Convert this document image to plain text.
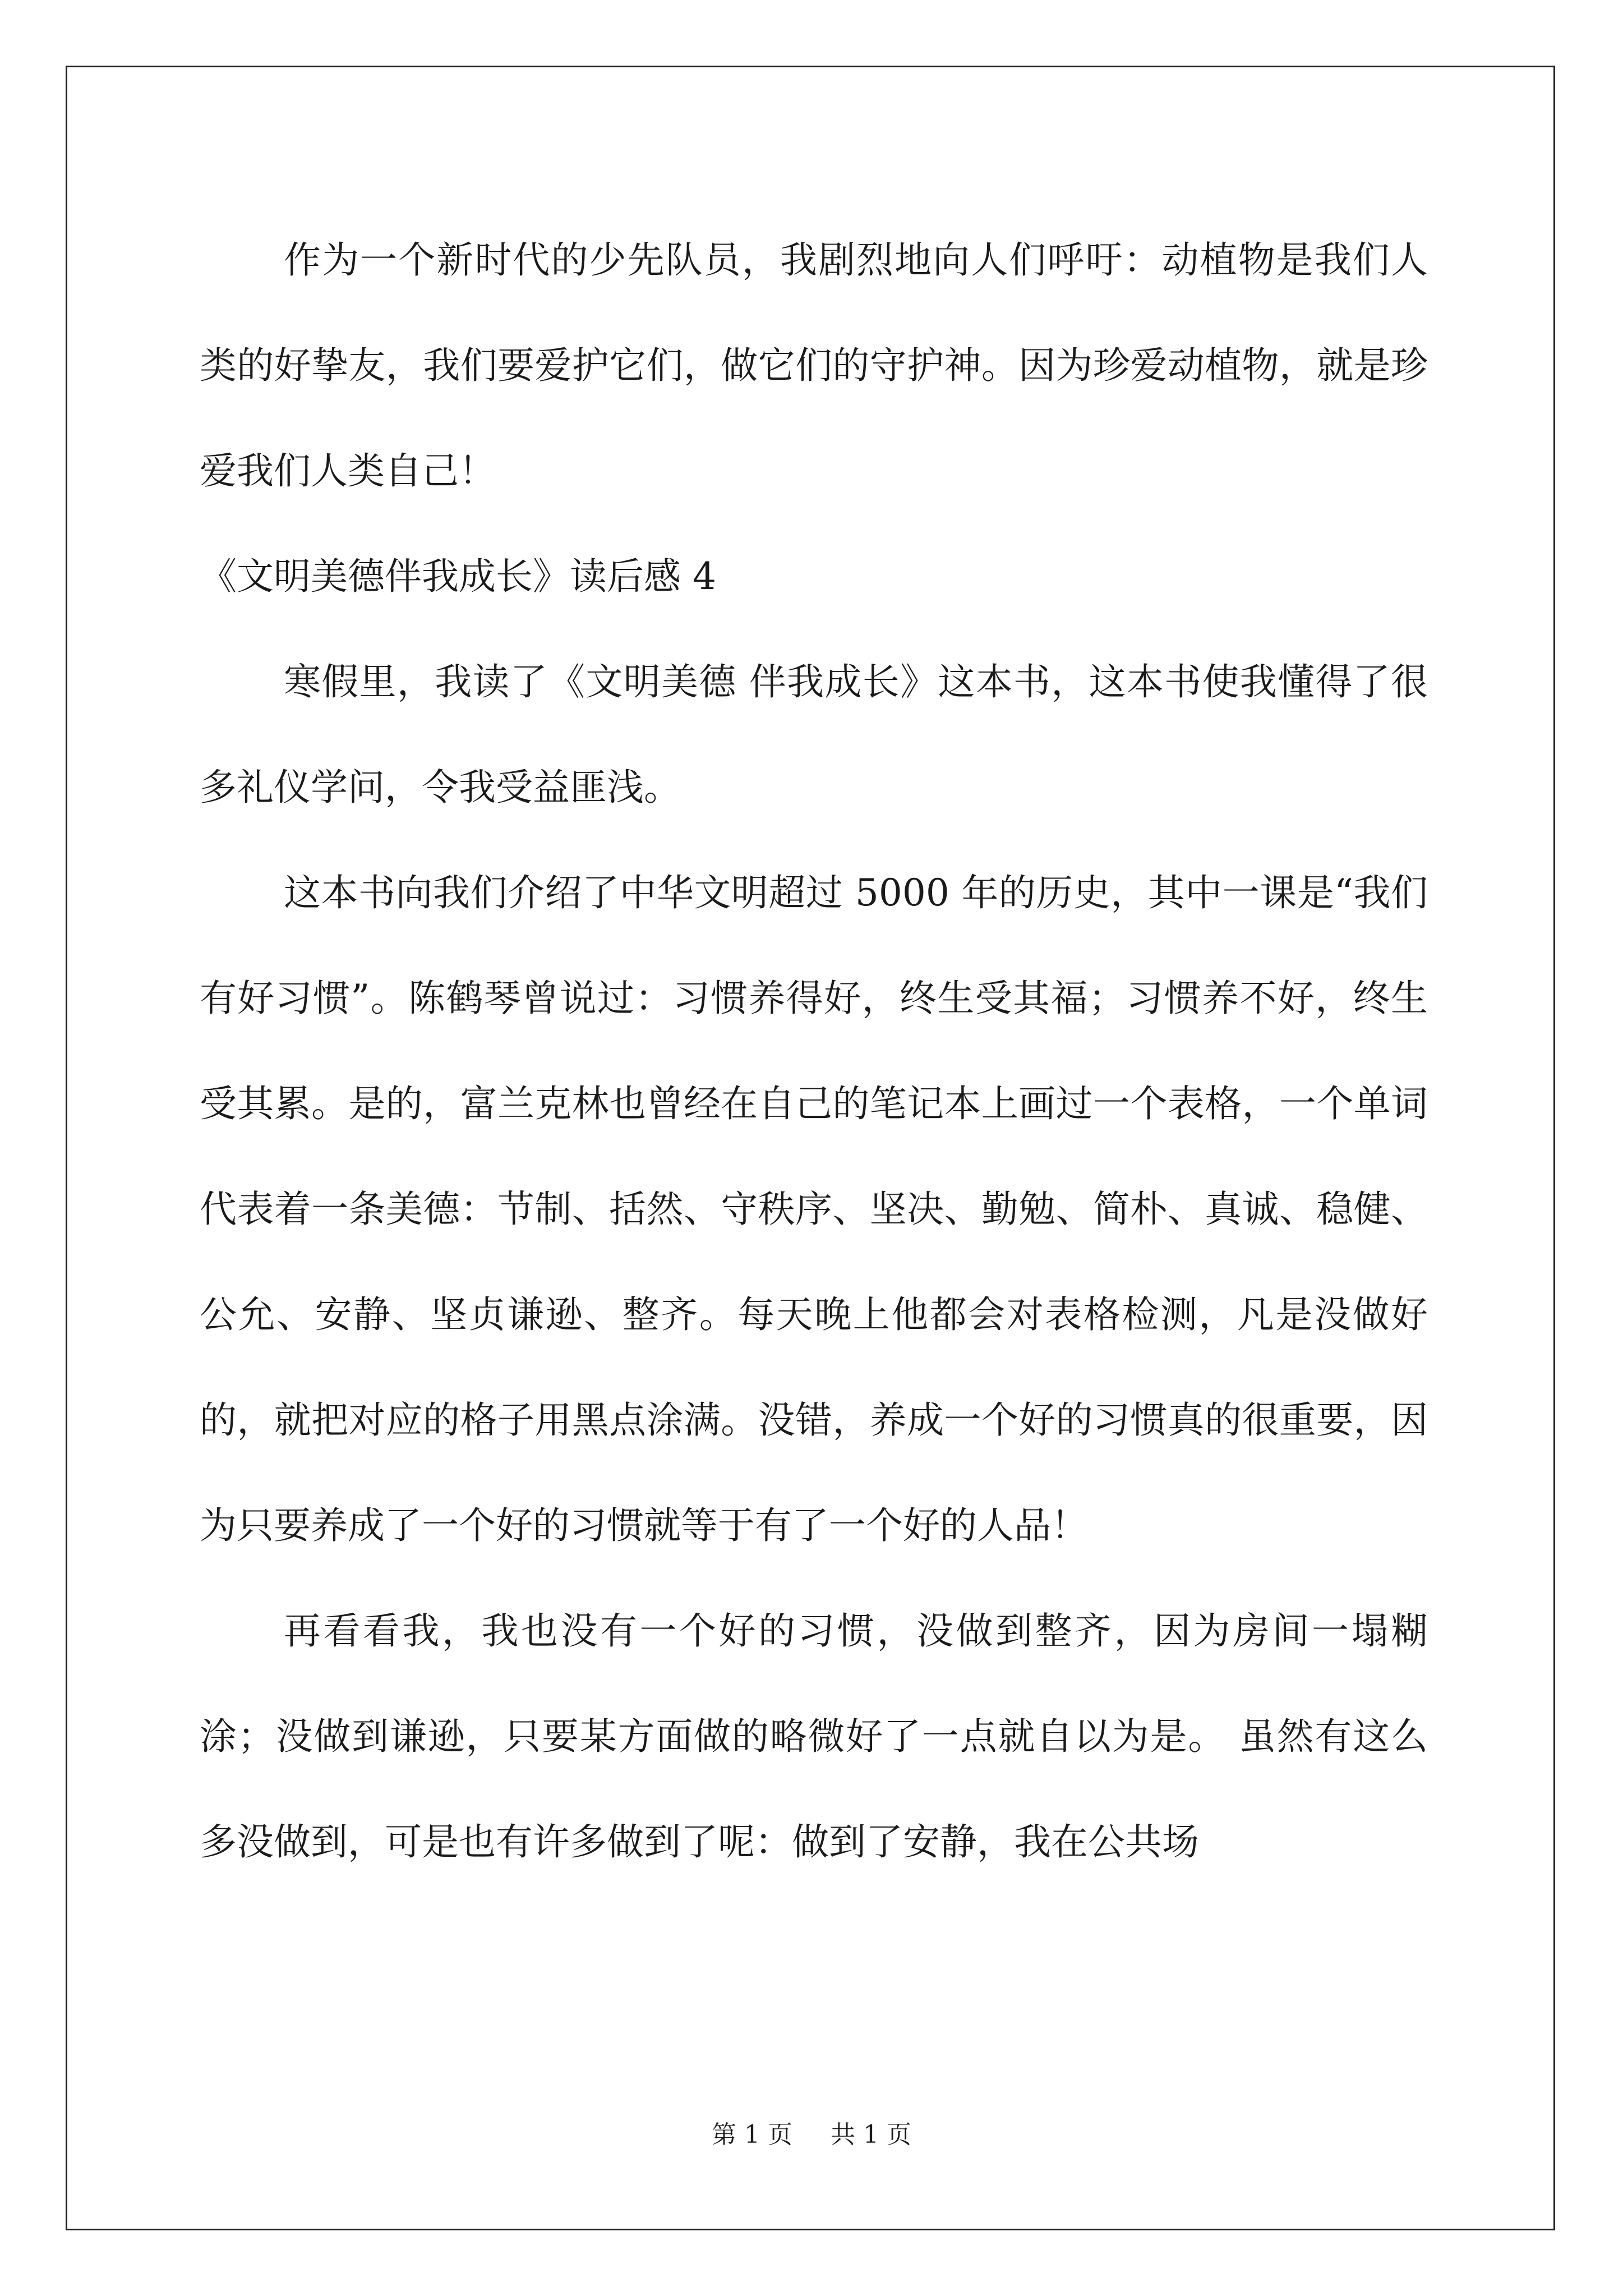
作为一个新时代的少先队员，我剧烈地向人们呼吁：动植物是我们人类的好挚友，我们要爱护它们，做它们的守护神。因为珍爱动植物，就是珍爱我们人类自己！

《文明美德伴我成长》读后感 4

寒假里，我读了《文明美德 伴我成长》这本书，这本书使我懂得了很多礼仪学问，令我受益匪浅。

这本书向我们介绍了中华文明超过 5000 年的历史，其中一课是“我们有好习惯”。陈鹤琴曾说过：习惯养得好，终生受其福；习惯养不好，终生受其累。是的，富兰克林也曾经在自己的笔记本上画过一个表格，一个单词代表着一条美德：节制、括然、守秩序、坚决、勤勉、简朴、真诚、稳健、公允、安静、坚贞谦逊、整齐。每天晚上他都会对表格检测，凡是没做好的，就把对应的格子用黑点涂满。没错，养成一个好的习惯真的很重要，因为只要养成了一个好的习惯就等于有了一个好的人品！

再看看我，我也没有一个好的习惯，没做到整齐，因为房间一塌糊涂；没做到谦逊，只要某方面做的略微好了一点就自以为是。 虽然有这么多没做到，可是也有许多做到了呢：做到了安静，我在公共场

第 1 页 共 1 页
